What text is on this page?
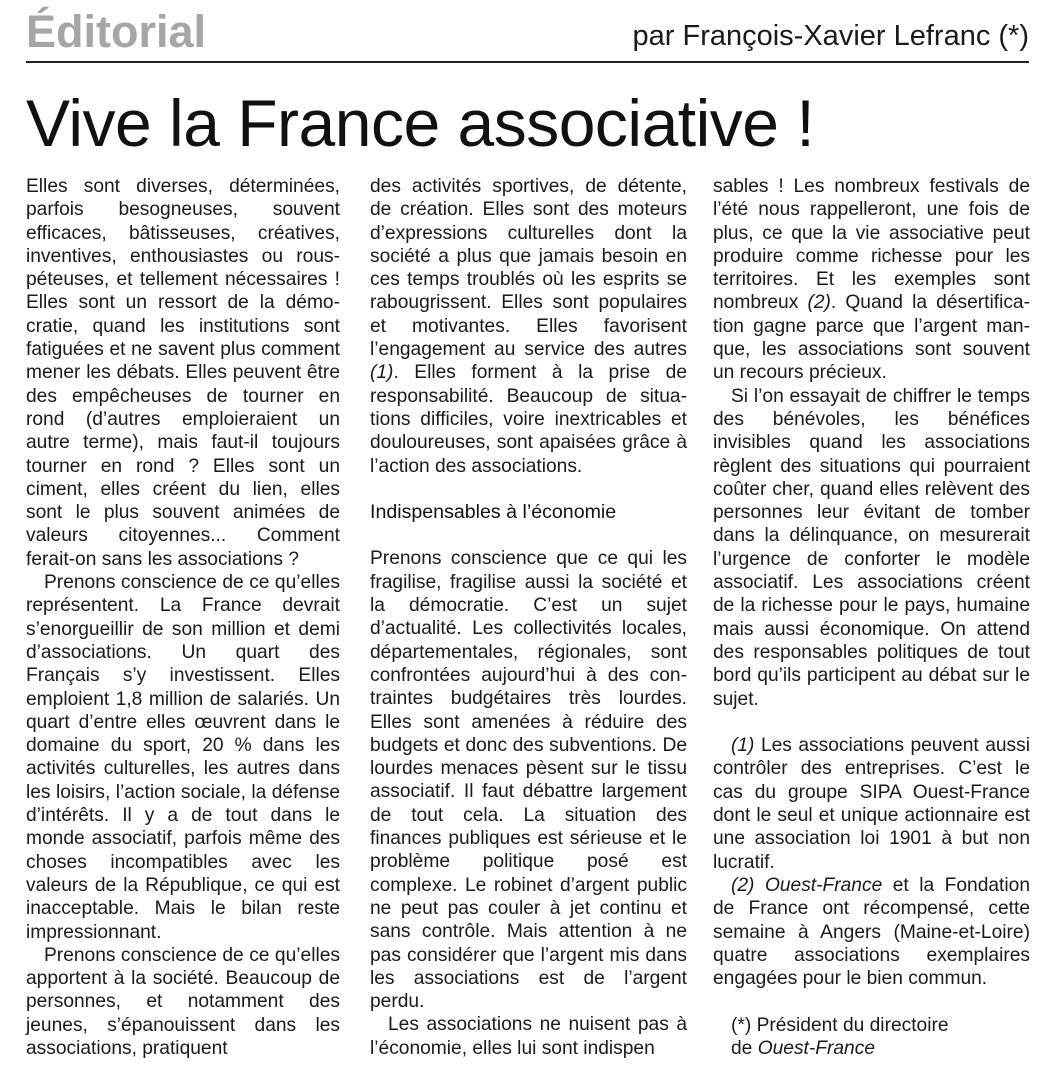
Éditorial	par François-Xavier Lefranc (*)
Vive la France associative !

Elles sont diverses, déterminées, parfois besogneuses, souvent efficaces, bâtisseuses, créatives, inventives, enthousiastes ou rouspéteuses, et tellement nécessaires ! Elles sont un ressort de la démocratie, quand les institutions sont fatiguées et ne savent plus comment mener les débats. Elles peuvent être des empêcheuses de tourner en rond (d’autres emploieraient un autre terme), mais faut-il toujours tourner en rond ? Elles sont un ciment, elles créent du lien, elles sont le plus souvent animées de valeurs citoyennes... Comment ferait-on sans les associations ?

Prenons conscience de ce qu’elles représentent. La France devrait s’enorgueillir de son million et demi d’associations. Un quart des Français s’y investissent. Elles emploient 1,8 million de salariés. Un quart d’entre elles œuvrent dans le domaine du sport, 20 % dans les activités culturelles, les autres dans les loisirs, l’action sociale, la défense d’intérêts. Il y a de tout dans le monde associatif, parfois même des choses incompatibles avec les valeurs de la République, ce qui est inacceptable. Mais le bilan reste impressionnant.

Prenons conscience de ce qu’elles apportent à la société. Beaucoup de personnes, et notamment des jeunes, s’épanouissent dans les associations, pratiquent

des activités sportives, de détente, de création. Elles sont des moteurs d’expressions culturelles dont la société a plus que jamais besoin en ces temps troublés où les esprits se rabougrissent. Elles sont populaires et motivantes. Elles favorisent l’engagement au service des autres (1). Elles forment à la prise de responsabilité. Beaucoup de situations difficiles, voire inextricables et douloureuses, sont apaisées grâce à l’action des associations.

Indispensables à l’économie

Prenons conscience que ce qui les fragilise, fragilise aussi la société et la démocratie. C’est un sujet d’actualité. Les collectivités locales, départementales, régionales, sont confrontées aujourd’hui à des contraintes budgétaires très lourdes. Elles sont amenées à réduire des budgets et donc des subventions. De lourdes menaces pèsent sur le tissu associatif. Il faut débattre largement de tout cela. La situation des finances publiques est sérieuse et le problème politique posé est complexe. Le robinet d’argent public ne peut pas couler à jet continu et sans contrôle. Mais attention à ne pas considérer que l’argent mis dans les associations est de l’argent perdu.

Les associations ne nuisent pas à l’économie, elles lui sont indispen

sables ! Les nombreux festivals de l’été nous rappelleront, une fois de plus, ce que la vie associative peut produire comme richesse pour les territoires. Et les exemples sont nombreux (2). Quand la désertification gagne parce que l’argent manque, les associations sont souvent un recours précieux.

Si l’on essayait de chiffrer le temps des bénévoles, les bénéfices invisibles quand les associations règlent des situations qui pourraient coûter cher, quand elles relèvent des personnes leur évitant de tomber dans la délinquance, on mesurerait l’urgence de conforter le modèle associatif. Les associations créent de la richesse pour le pays, humaine mais aussi économique. On attend des responsables politiques de tout bord qu’ils participent au débat sur le sujet.

(1) Les associations peuvent aussi contrôler des entreprises. C’est le cas du groupe SIPA Ouest-France dont le seul et unique actionnaire est une association loi 1901 à but non lucratif.

(2) Ouest-France et la Fondation de France ont récompensé, cette semaine à Angers (Maine-et-Loire) quatre associations exemplaires engagées pour le bien commun.

(*) Président du directoire

de Ouest-France
